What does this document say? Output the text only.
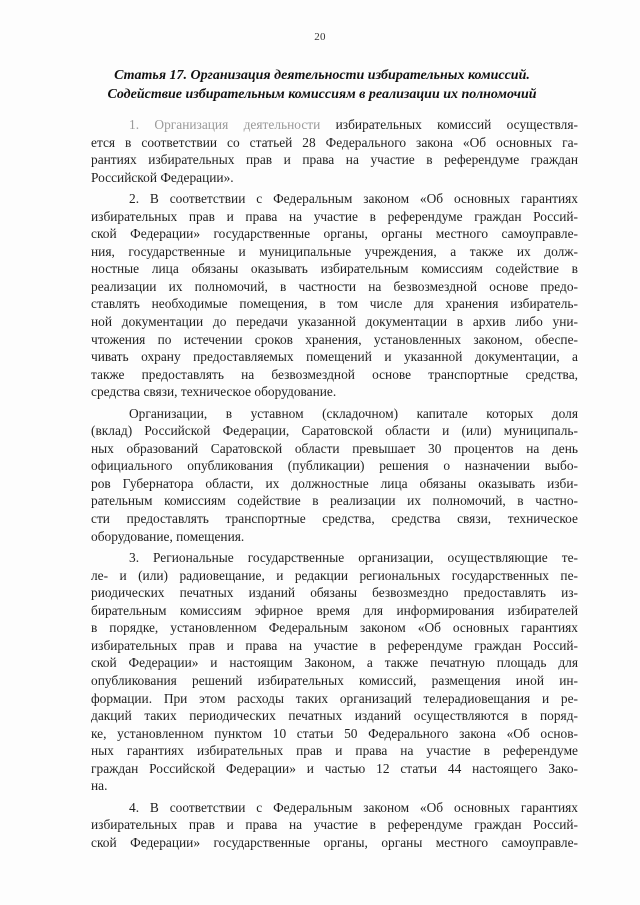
20
Статья 17. Организация деятельности избирательных комиссий.
Содействие избирательным комиссиям в реализации их полномочий
1. Организация деятельности избирательных комиссий осуществля-
ется в соответствии со статьей 28 Федерального закона «Об основных га-
рантиях избирательных прав и права на участие в референдуме граждан
Российской Федерации».
2. В соответствии с Федеральным законом «Об основных гарантиях
избирательных прав и права на участие в референдуме граждан Россий-
ской Федерации» государственные органы, органы местного самоуправле-
ния, государственные и муниципальные учреждения, а также их долж-
ностные лица обязаны оказывать избирательным комиссиям содействие в
реализации их полномочий, в частности на безвозмездной основе предо-
ставлять необходимые помещения, в том числе для хранения избиратель-
ной документации до передачи указанной документации в архив либо уни-
чтожения по истечении сроков хранения, установленных законом, обеспе-
чивать охрану предоставляемых помещений и указанной документации, а
также предоставлять на безвозмездной основе транспортные средства,
средства связи, техническое оборудование.
Организации, в уставном (складочном) капитале которых доля
(вклад) Российской Федерации, Саратовской области и (или) муниципаль-
ных образований Саратовской области превышает 30 процентов на день
официального опубликования (публикации) решения о назначении выбо-
ров Губернатора области, их должностные лица обязаны оказывать изби-
рательным комиссиям содействие в реализации их полномочий, в частно-
сти предоставлять транспортные средства, средства связи, техническое
оборудование, помещения.
3. Региональные государственные организации, осуществляющие те-
ле- и (или) радиовещание, и редакции региональных государственных пе-
риодических печатных изданий обязаны безвозмездно предоставлять из-
бирательным комиссиям эфирное время для информирования избирателей
в порядке, установленном Федеральным законом «Об основных гарантиях
избирательных прав и права на участие в референдуме граждан Россий-
ской Федерации» и настоящим Законом, а также печатную площадь для
опубликования решений избирательных комиссий, размещения иной ин-
формации. При этом расходы таких организаций телерадиовещания и ре-
дакций таких периодических печатных изданий осуществляются в поряд-
ке, установленном пунктом 10 статьи 50 Федерального закона «Об основ-
ных гарантиях избирательных прав и права на участие в референдуме
граждан Российской Федерации» и частью 12 статьи 44 настоящего Зако-
на.
4. В соответствии с Федеральным законом «Об основных гарантиях
избирательных прав и права на участие в референдуме граждан Россий-
ской Федерации» государственные органы, органы местного самоуправле-
